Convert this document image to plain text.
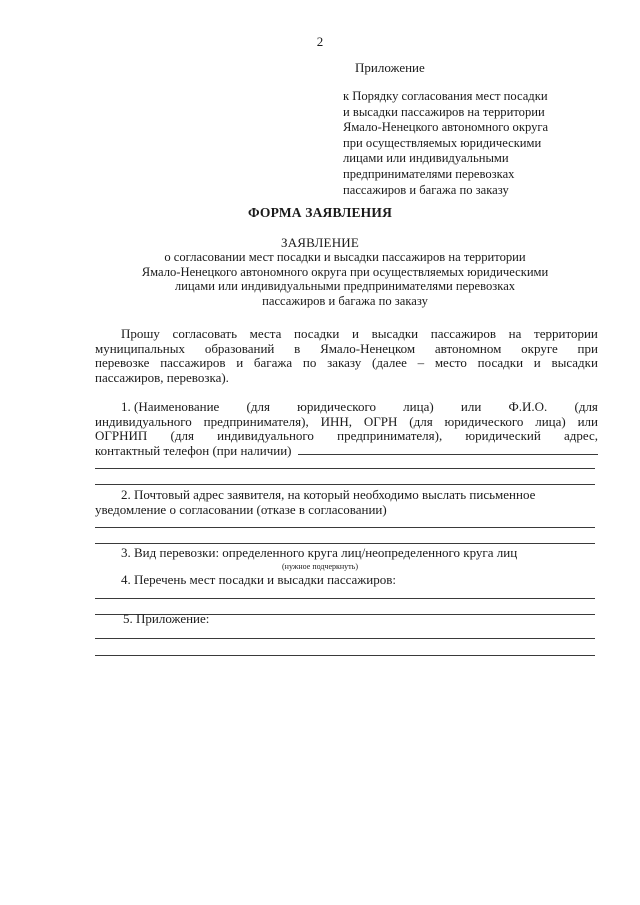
2
Приложение
к Порядку согласования мест посадки
и высадки пассажиров на территории
Ямало-Ненецкого автономного округа
при осуществляемых юридическими
лицами или индивидуальными
предпринимателями перевозках
пассажиров и багажа по заказу
ФОРМА ЗАЯВЛЕНИЯ
ЗАЯВЛЕНИЕ
о согласовании мест посадки и высадки пассажиров на территории
Ямало-Ненецкого автономного округа при осуществляемых юридическими
лицами или индивидуальными предпринимателями перевозках
пассажиров и багажа по заказу
Прошу согласовать места посадки и высадки пассажиров на территории
муниципальных образований в Ямало-Ненецком автономном округе при
перевозке пассажиров и багажа по заказу (далее – место посадки и высадки
пассажиров, перевозка).
1. (Наименование (для юридического лица) или Ф.И.О. (для
индивидуального предпринимателя), ИНН, ОГРН (для юридического лица) или
ОГРНИП (для индивидуального предпринимателя), юридический адрес,
контактный телефон (при наличии)
2. Почтовый адрес заявителя, на который необходимо выслать письменное
уведомление о согласовании (отказе в согласовании)
3. Вид перевозки: определенного круга лиц/неопределенного круга лиц
(нужное подчеркнуть)
4. Перечень мест посадки и высадки пассажиров:
5. Приложение:
